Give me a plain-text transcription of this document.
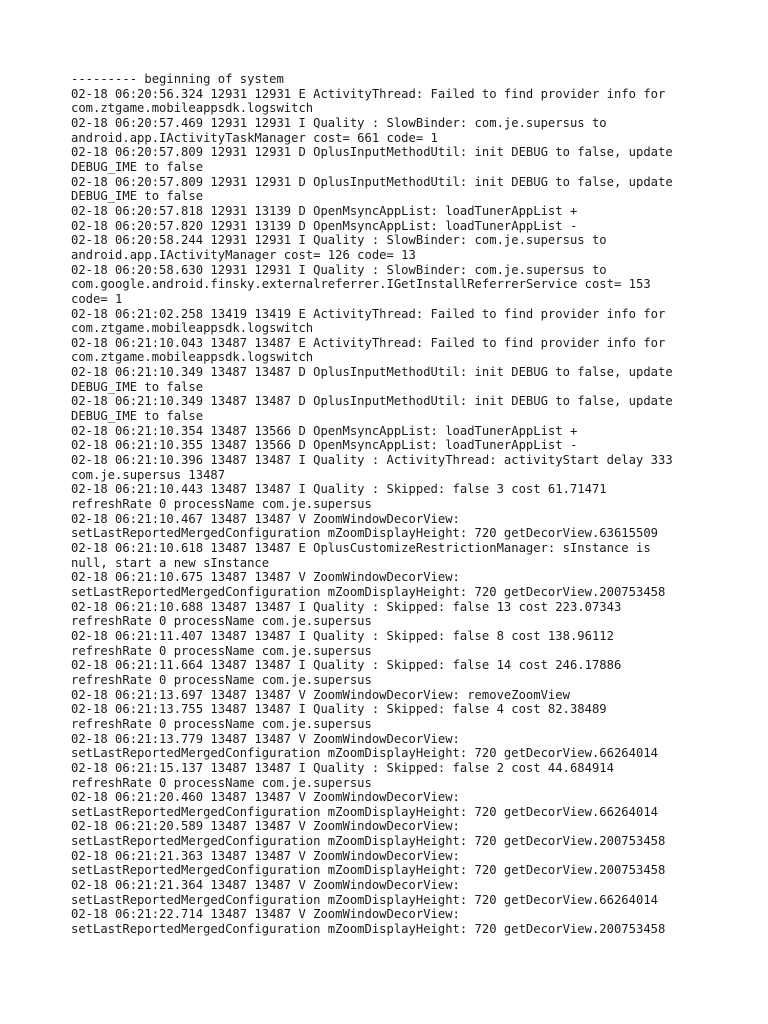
--------- beginning of system
02-18 06:20:56.324 12931 12931 E ActivityThread: Failed to find provider info for
com.ztgame.mobileappsdk.logswitch
02-18 06:20:57.469 12931 12931 I Quality : SlowBinder: com.je.supersus to
android.app.IActivityTaskManager cost= 661 code= 1
02-18 06:20:57.809 12931 12931 D OplusInputMethodUtil: init DEBUG to false, update
DEBUG_IME to false
02-18 06:20:57.809 12931 12931 D OplusInputMethodUtil: init DEBUG to false, update
DEBUG_IME to false
02-18 06:20:57.818 12931 13139 D OpenMsyncAppList: loadTunerAppList +
02-18 06:20:57.820 12931 13139 D OpenMsyncAppList: loadTunerAppList -
02-18 06:20:58.244 12931 12931 I Quality : SlowBinder: com.je.supersus to
android.app.IActivityManager cost= 126 code= 13
02-18 06:20:58.630 12931 12931 I Quality : SlowBinder: com.je.supersus to
com.google.android.finsky.externalreferrer.IGetInstallReferrerService cost= 153
code= 1
02-18 06:21:02.258 13419 13419 E ActivityThread: Failed to find provider info for
com.ztgame.mobileappsdk.logswitch
02-18 06:21:10.043 13487 13487 E ActivityThread: Failed to find provider info for
com.ztgame.mobileappsdk.logswitch
02-18 06:21:10.349 13487 13487 D OplusInputMethodUtil: init DEBUG to false, update
DEBUG_IME to false
02-18 06:21:10.349 13487 13487 D OplusInputMethodUtil: init DEBUG to false, update
DEBUG_IME to false
02-18 06:21:10.354 13487 13566 D OpenMsyncAppList: loadTunerAppList +
02-18 06:21:10.355 13487 13566 D OpenMsyncAppList: loadTunerAppList -
02-18 06:21:10.396 13487 13487 I Quality : ActivityThread: activityStart delay 333
com.je.supersus 13487
02-18 06:21:10.443 13487 13487 I Quality : Skipped: false 3 cost 61.71471
refreshRate 0 processName com.je.supersus
02-18 06:21:10.467 13487 13487 V ZoomWindowDecorView:
setLastReportedMergedConfiguration mZoomDisplayHeight: 720 getDecorView.63615509
02-18 06:21:10.618 13487 13487 E OplusCustomizeRestrictionManager: sInstance is
null, start a new sInstance
02-18 06:21:10.675 13487 13487 V ZoomWindowDecorView:
setLastReportedMergedConfiguration mZoomDisplayHeight: 720 getDecorView.200753458
02-18 06:21:10.688 13487 13487 I Quality : Skipped: false 13 cost 223.07343
refreshRate 0 processName com.je.supersus
02-18 06:21:11.407 13487 13487 I Quality : Skipped: false 8 cost 138.96112
refreshRate 0 processName com.je.supersus
02-18 06:21:11.664 13487 13487 I Quality : Skipped: false 14 cost 246.17886
refreshRate 0 processName com.je.supersus
02-18 06:21:13.697 13487 13487 V ZoomWindowDecorView: removeZoomView
02-18 06:21:13.755 13487 13487 I Quality : Skipped: false 4 cost 82.38489
refreshRate 0 processName com.je.supersus
02-18 06:21:13.779 13487 13487 V ZoomWindowDecorView:
setLastReportedMergedConfiguration mZoomDisplayHeight: 720 getDecorView.66264014
02-18 06:21:15.137 13487 13487 I Quality : Skipped: false 2 cost 44.684914
refreshRate 0 processName com.je.supersus
02-18 06:21:20.460 13487 13487 V ZoomWindowDecorView:
setLastReportedMergedConfiguration mZoomDisplayHeight: 720 getDecorView.66264014
02-18 06:21:20.589 13487 13487 V ZoomWindowDecorView:
setLastReportedMergedConfiguration mZoomDisplayHeight: 720 getDecorView.200753458
02-18 06:21:21.363 13487 13487 V ZoomWindowDecorView:
setLastReportedMergedConfiguration mZoomDisplayHeight: 720 getDecorView.200753458
02-18 06:21:21.364 13487 13487 V ZoomWindowDecorView:
setLastReportedMergedConfiguration mZoomDisplayHeight: 720 getDecorView.66264014
02-18 06:21:22.714 13487 13487 V ZoomWindowDecorView:
setLastReportedMergedConfiguration mZoomDisplayHeight: 720 getDecorView.200753458
